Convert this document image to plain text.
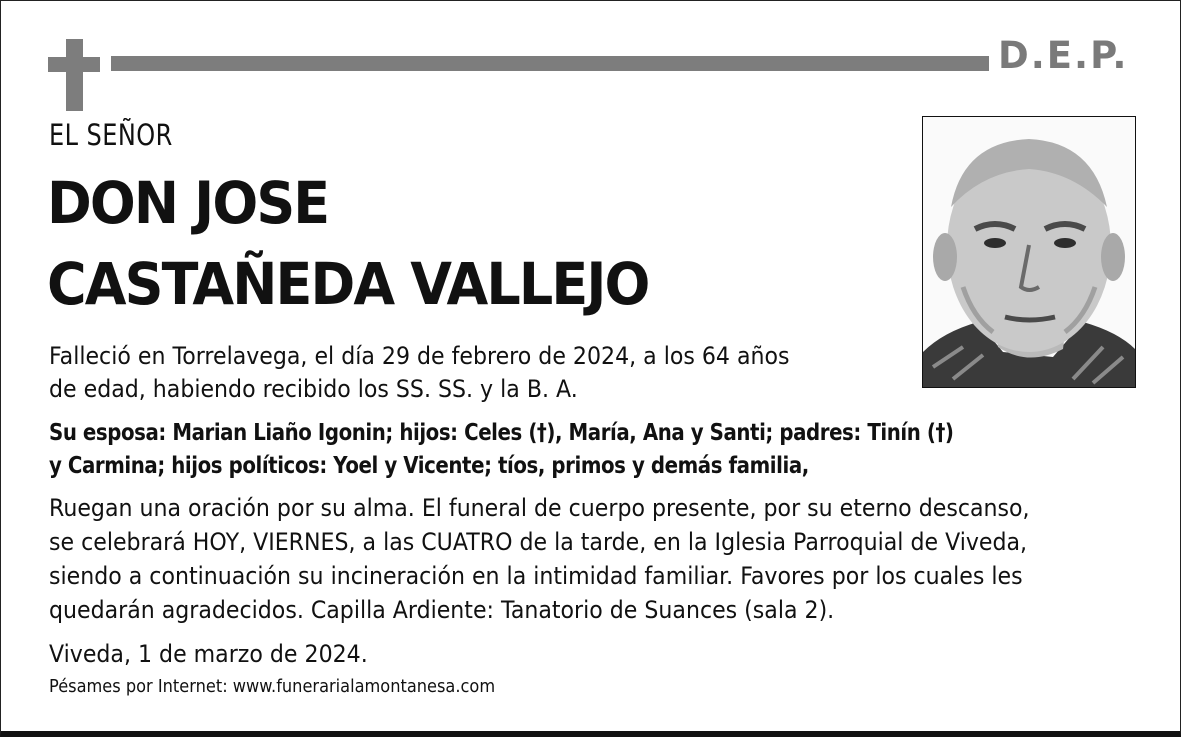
D.E.P.
EL SEÑOR
DON JOSE
CASTAÑEDA VALLEJO
Falleció en Torrelavega, el día 29 de febrero de 2024, a los 64 años
de edad, habiendo recibido los SS. SS. y la B. A.
Su esposa: Marian Liaño Igonin; hijos: Celes (†), María, Ana y Santi; padres: Tinín (†)
y Carmina; hijos políticos: Yoel y Vicente; tíos, primos y demás familia,
Ruegan una oración por su alma. El funeral de cuerpo presente, por su eterno descanso,
se celebrará HOY, VIERNES, a las CUATRO de la tarde, en la Iglesia Parroquial de Viveda,
siendo a continuación su incineración en la intimidad familiar. Favores por los cuales les
quedarán agradecidos. Capilla Ardiente: Tanatorio de Suances (sala 2).
Viveda, 1 de marzo de 2024.
Pésames por Internet: www.funerarialamontanesa.com
